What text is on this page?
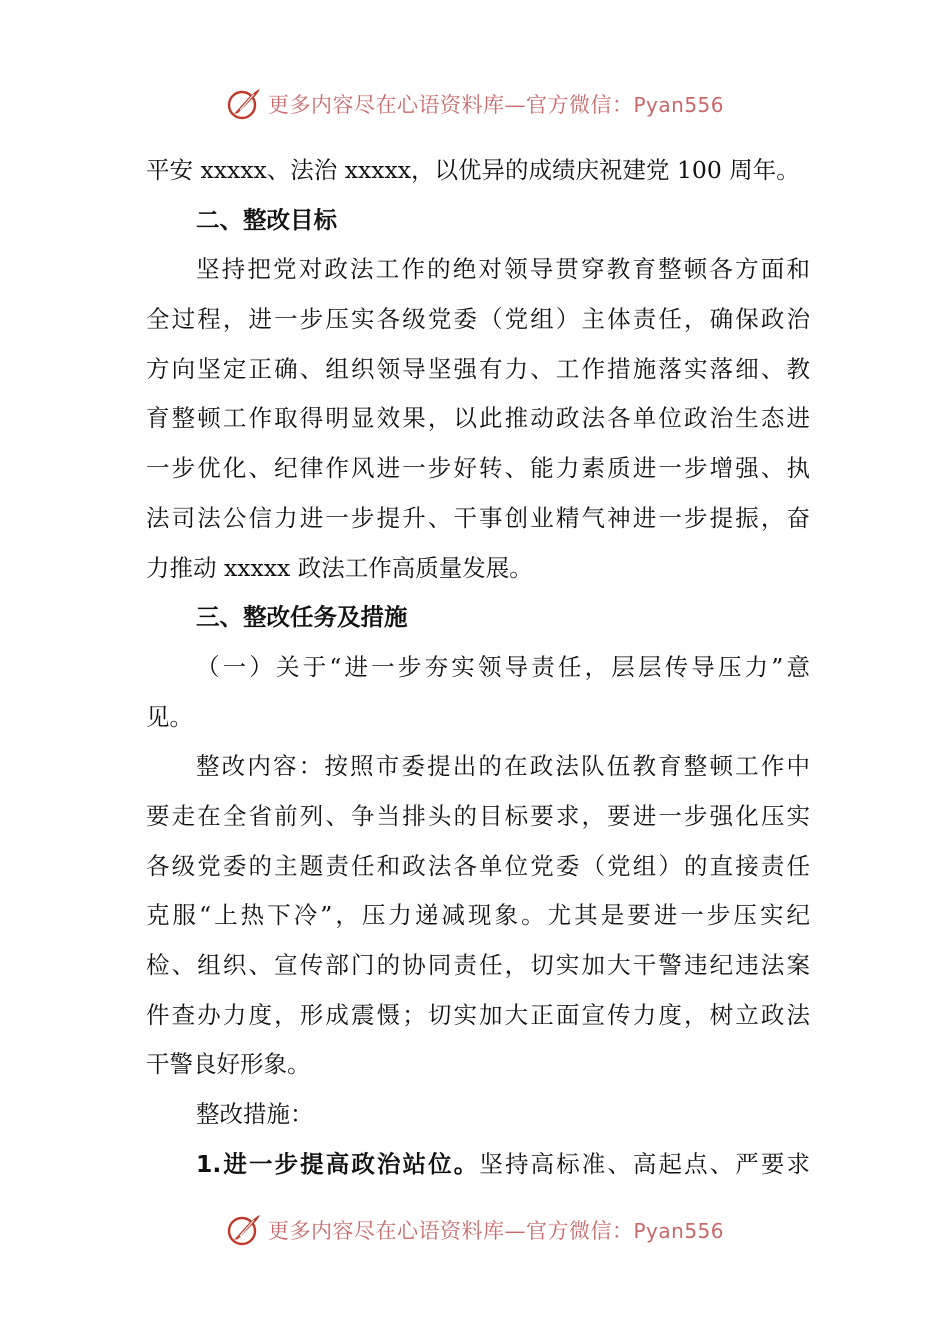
更多内容尽在心语资料库—官方微信：Pyan556
平安 xxxxx、法治 xxxxx，以优异的成绩庆祝建党 100 周年。
二、整改目标
坚持把党对政法工作的绝对领导贯穿教育整顿各方面和
全过程，进一步压实各级党委（党组）主体责任，确保政治
方向坚定正确、组织领导坚强有力、工作措施落实落细、教
育整顿工作取得明显效果，以此推动政法各单位政治生态进
一步优化、纪律作风进一步好转、能力素质进一步增强、执
法司法公信力进一步提升、干事创业精气神进一步提振，奋
力推动 xxxxx 政法工作高质量发展。
三、整改任务及措施
（一）关于“进一步夯实领导责任，层层传导压力”意
见。
整改内容：按照市委提出的在政法队伍教育整顿工作中
要走在全省前列、争当排头的目标要求，要进一步强化压实
各级党委的主题责任和政法各单位党委（党组）的直接责任
克服“上热下冷”，压力递减现象。尤其是要进一步压实纪
检、组织、宣传部门的协同责任，切实加大干警违纪违法案
件查办力度，形成震慑；切实加大正面宣传力度，树立政法
干警良好形象。
整改措施：
1.进一步提高政治站位。坚持高标准、高起点、严要求
更多内容尽在心语资料库—官方微信：Pyan556
